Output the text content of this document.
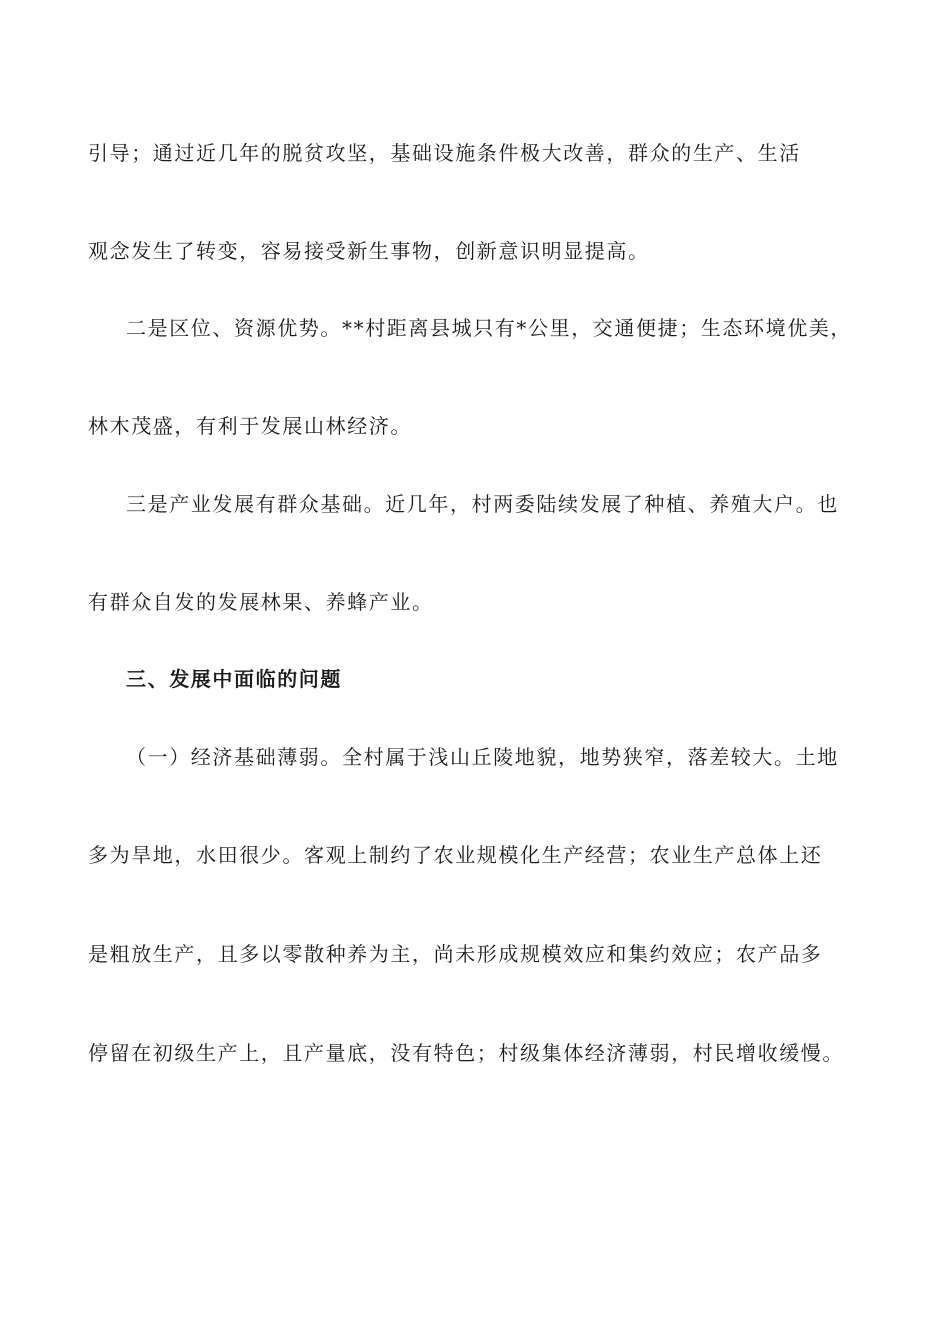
引导；通过近几年的脱贫攻坚，基础设施条件极大改善，群众的生产、生活

观念发生了转变，容易接受新生事物，创新意识明显提高。

二是区位、资源优势。**村距离县城只有*公里，交通便捷；生态环境优美，

林木茂盛，有利于发展山林经济。

三是产业发展有群众基础。近几年，村两委陆续发展了种植、养殖大户。也

有群众自发的发展林果、养蜂产业。

三、发展中面临的问题

（一）经济基础薄弱。全村属于浅山丘陵地貌，地势狭窄，落差较大。土地

多为旱地，水田很少。客观上制约了农业规模化生产经营；农业生产总体上还

是粗放生产，且多以零散种养为主，尚未形成规模效应和集约效应；农产品多

停留在初级生产上，且产量底，没有特色；村级集体经济薄弱，村民增收缓慢。
